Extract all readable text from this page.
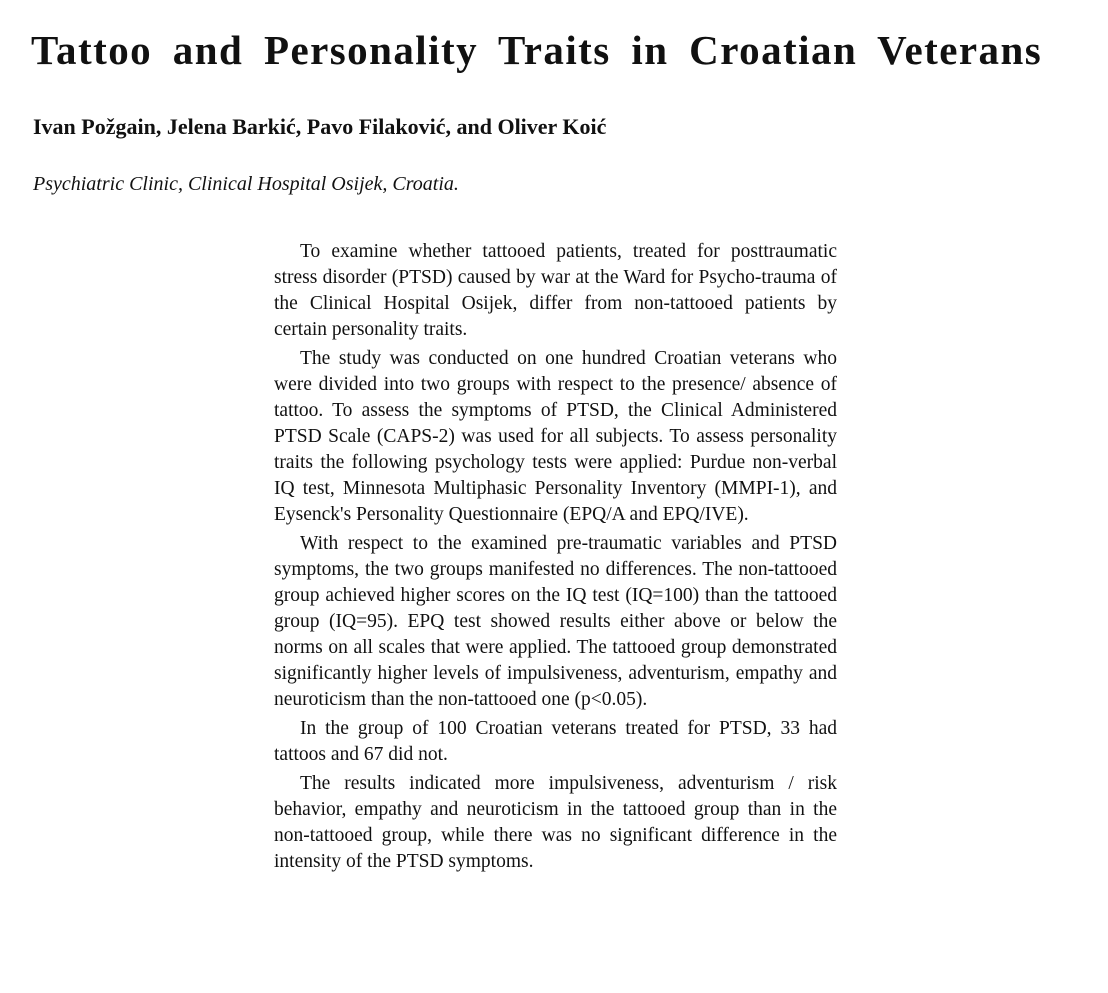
Tattoo and Personality Traits in Croatian Veterans

Ivan Požgain, Jelena Barkić, Pavo Filaković, and Oliver Koić

Psychiatric Clinic, Clinical Hospital Osijek, Croatia.

To examine whether tattooed patients, treated for posttraumatic stress disorder (PTSD) caused by war at the Ward for Psycho-trauma of the Clinical Hospital Osijek, differ from non-tattooed patients by certain personality traits.

The study was conducted on one hundred Croatian veterans who were divided into two groups with respect to the presence/ absence of tattoo. To assess the symptoms of PTSD, the Clinical Administered PTSD Scale (CAPS-2) was used for all subjects. To assess personality traits the following psychology tests were applied: Purdue non-verbal IQ test, Minnesota Multiphasic Personality Inventory (MMPI-1), and Eysenck's Personality Questionnaire (EPQ/A and EPQ/IVE).

With respect to the examined pre-traumatic variables and PTSD symptoms, the two groups manifested no differences. The non-tattooed group achieved higher scores on the IQ test (IQ=100) than the tattooed group (IQ=95). EPQ test showed results either above or below the norms on all scales that were applied. The tattooed group demonstrated significantly higher levels of impulsiveness, adventurism, empathy and neuroticism than the non-tattooed one (p<0.05).

In the group of 100 Croatian veterans treated for PTSD, 33 had tattoos and 67 did not.

The results indicated more impulsiveness, adventurism / risk behavior, empathy and neuroticism in the tattooed group than in the non-tattooed group, while there was no significant difference in the intensity of the PTSD symptoms.
